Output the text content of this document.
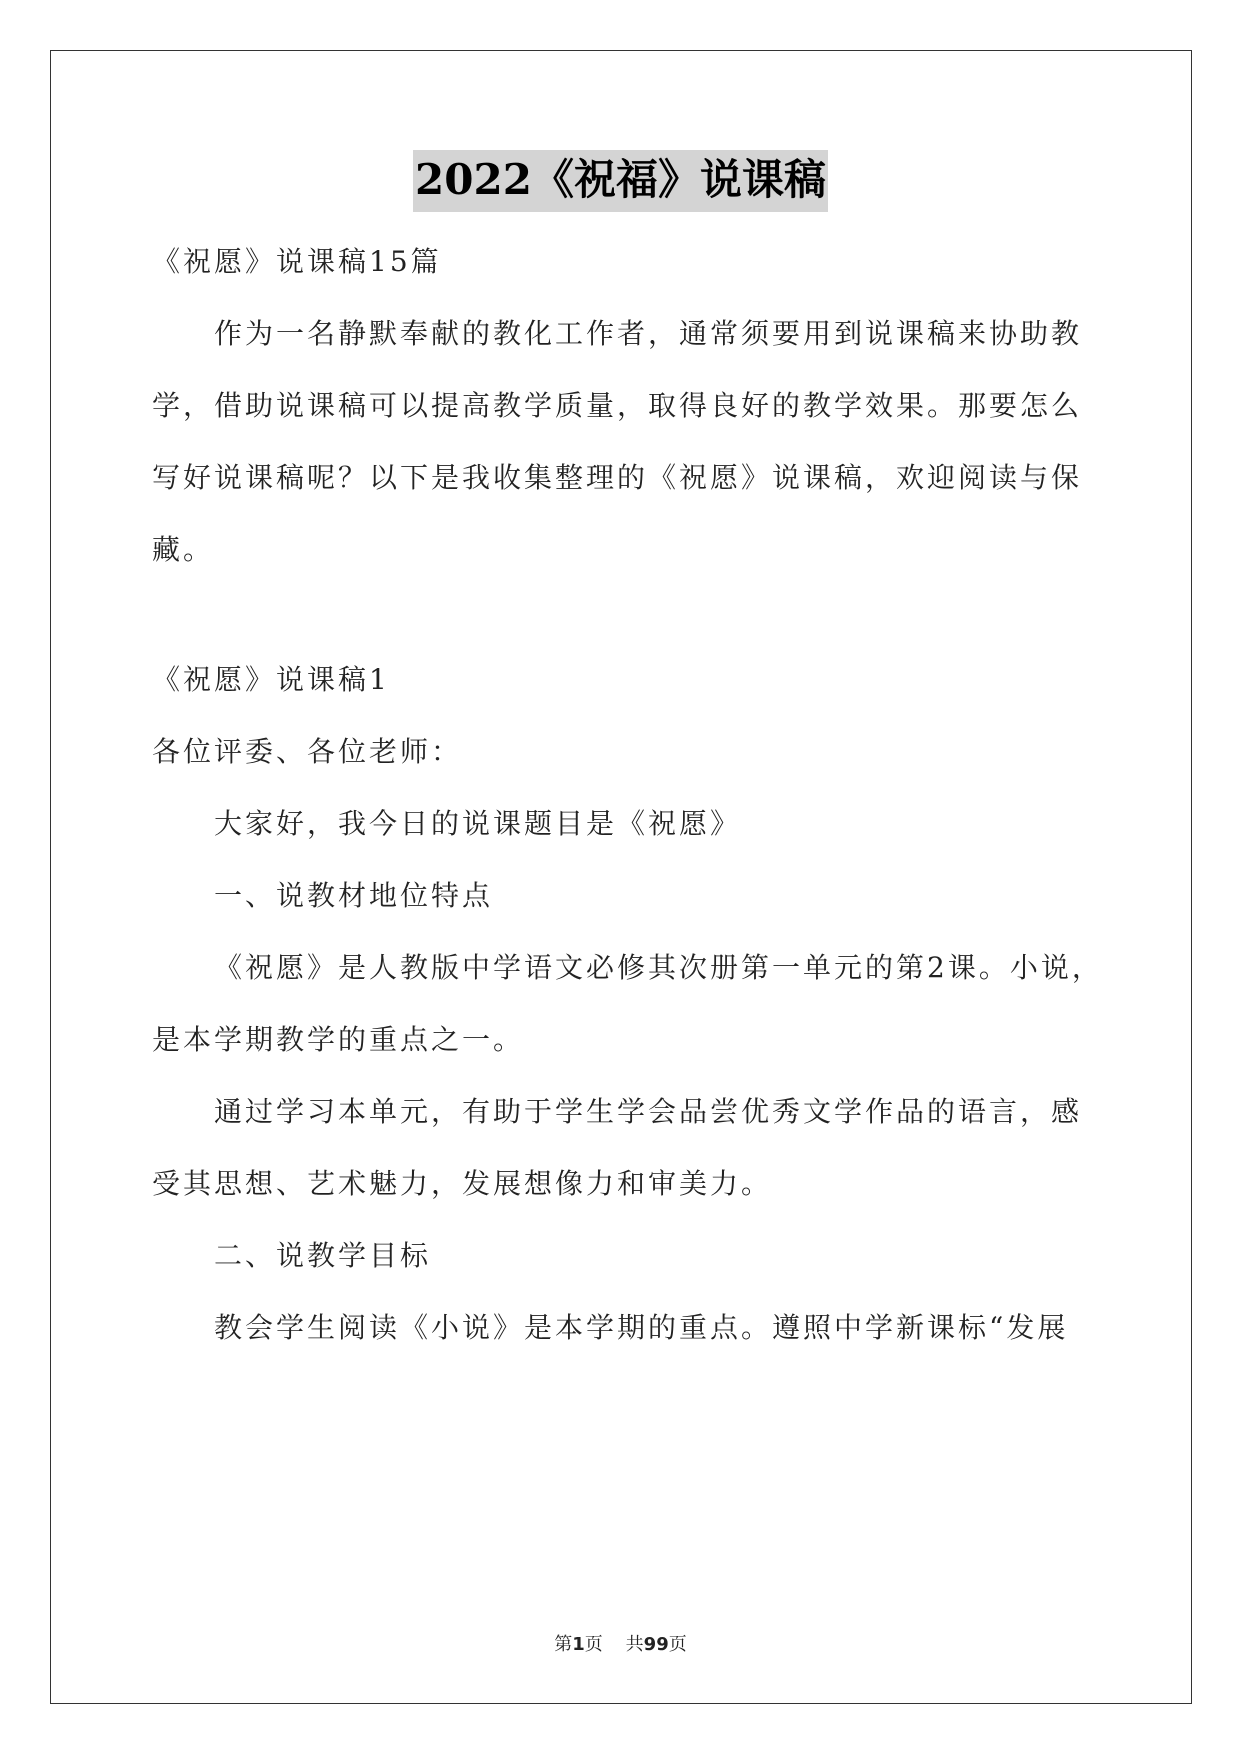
2022《祝福》说课稿
《祝愿》说课稿15篇
作为一名静默奉献的教化工作者，通常须要用到说课稿来协助教
学，借助说课稿可以提高教学质量，取得良好的教学效果。那要怎么
写好说课稿呢？以下是我收集整理的《祝愿》说课稿，欢迎阅读与保
藏。
《祝愿》说课稿1
各位评委、各位老师：
大家好，我今日的说课题目是《祝愿》
一、说教材地位特点
《祝愿》是人教版中学语文必修其次册第一单元的第2课。小说，
是本学期教学的重点之一。
通过学习本单元，有助于学生学会品尝优秀文学作品的语言，感
受其思想、艺术魅力，发展想像力和审美力。
二、说教学目标
教会学生阅读《小说》是本学期的重点。遵照中学新课标“发展
第1页 共99页
